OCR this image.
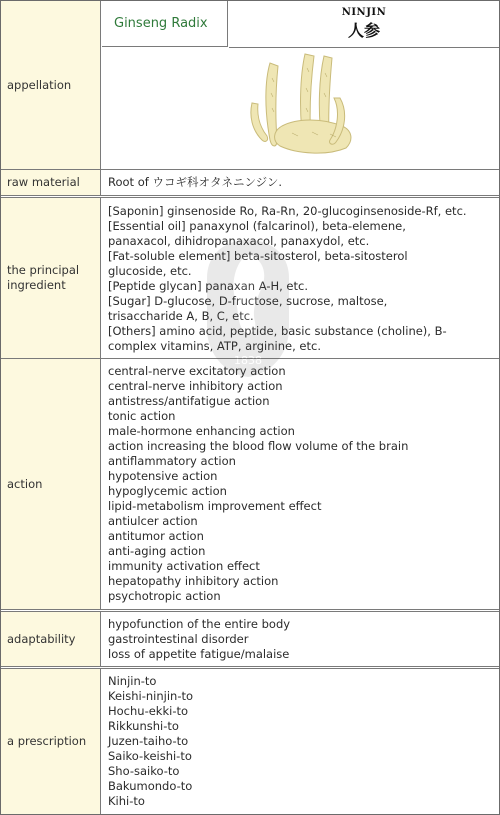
appellation
Ginseng Radix
NINJIN
人参
raw material	Root of ウコギ科オタネニンジン.
the principal ingredient
[Saponin] ginsenoside Ro, Ra-Rn, 20-glucoginsenoside-Rf, etc.
[Essential oil] panaxynol (falcarinol), beta-elemene,
panaxacol, dihidropanaxacol, panaxydol, etc.
[Fat-soluble element] beta-sitosterol, beta-sitosterol
glucoside, etc.
[Peptide glycan] panaxan A-H, etc.
[Sugar] D-glucose, D-fructose, sucrose, maltose,
trisaccharide A, B, C, etc.
[Others] amino acid, peptide, basic substance (choline), B-
complex vitamins, ATP, arginine, etc.
action
central-nerve excitatory action
central-nerve inhibitory action
antistress/antifatigue action
tonic action
male-hormone enhancing action
action increasing the blood flow volume of the brain
antiflammatory action
hypotensive action
hypoglycemic action
lipid-metabolism improvement effect
antiulcer action
antitumor action
anti-aging action
immunity activation effect
hepatopathy inhibitory action
psychotropic action
adaptability
hypofunction of the entire body
gastrointestinal disorder
loss of appetite fatigue/malaise
a prescription
Ninjin-to
Keishi-ninjin-to
Hochu-ekki-to
Rikkunshi-to
Juzen-taiho-to
Saiko-keishi-to
Sho-saiko-to
Bakumondo-to
Kihi-to
1838
